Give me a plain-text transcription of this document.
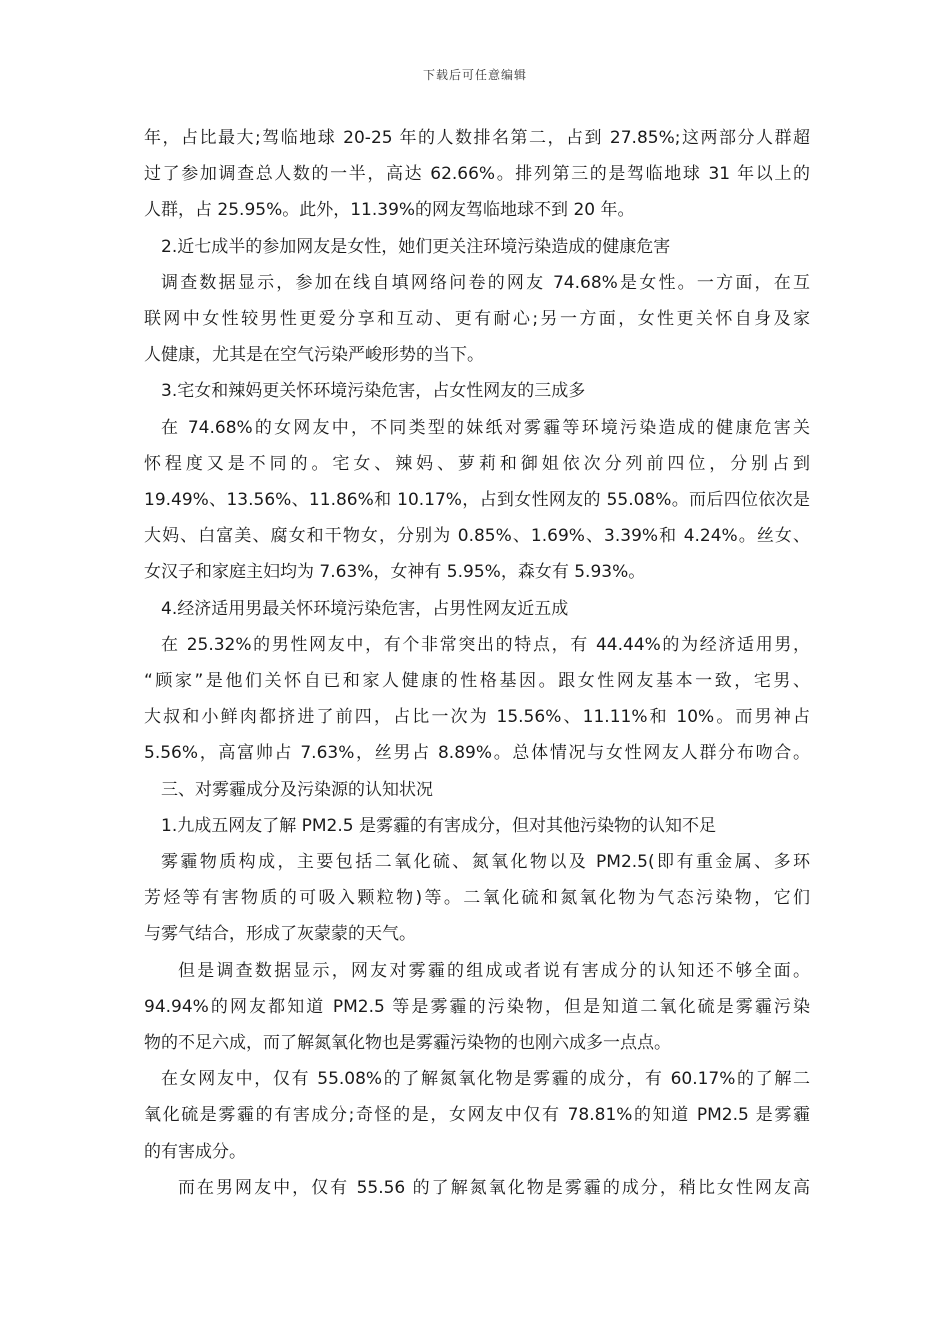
下载后可任意编辑

年，占比最大;驾临地球 20-25 年的人数排名第二，占到 27.85%;这两部分人群超

过了参加调查总人数的一半，高达 62.66%。排列第三的是驾临地球 31 年以上的

人群，占 25.95%。此外，11.39%的网友驾临地球不到 20 年。

2.近七成半的参加网友是女性，她们更关注环境污染造成的健康危害

调查数据显示，参加在线自填网络问卷的网友 74.68%是女性。一方面，在互

联网中女性较男性更爱分享和互动、更有耐心;另一方面，女性更关怀自身及家

人健康，尤其是在空气污染严峻形势的当下。

3.宅女和辣妈更关怀环境污染危害，占女性网友的三成多

在 74.68%的女网友中，不同类型的妹纸对雾霾等环境污染造成的健康危害关

怀程度又是不同的。宅女、辣妈、萝莉和御姐依次分列前四位，分别占到

19.49%、13.56%、11.86%和 10.17%，占到女性网友的 55.08%。而后四位依次是

大妈、白富美、腐女和干物女，分别为 0.85%、1.69%、3.39%和 4.24%。丝女、

女汉子和家庭主妇均为 7.63%，女神有 5.95%，森女有 5.93%。

4.经济适用男最关怀环境污染危害，占男性网友近五成

在 25.32%的男性网友中，有个非常突出的特点，有 44.44%的为经济适用男，

“顾家”是他们关怀自已和家人健康的性格基因。跟女性网友基本一致，宅男、

大叔和小鲜肉都挤进了前四，占比一次为 15.56%、11.11%和 10%。而男神占

5.56%，高富帅占 7.63%，丝男占 8.89%。总体情况与女性网友人群分布吻合。

三、对雾霾成分及污染源的认知状况

1.九成五网友了解 PM2.5 是雾霾的有害成分，但对其他污染物的认知不足

雾霾物质构成，主要包括二氧化硫、氮氧化物以及 PM2.5(即有重金属、多环

芳烃等有害物质的可吸入颗粒物)等。二氧化硫和氮氧化物为气态污染物，它们

与雾气结合，形成了灰蒙蒙的天气。

但是调查数据显示，网友对雾霾的组成或者说有害成分的认知还不够全面。

94.94%的网友都知道 PM2.5 等是雾霾的污染物，但是知道二氧化硫是雾霾污染

物的不足六成，而了解氮氧化物也是雾霾污染物的也刚六成多一点点。

在女网友中，仅有 55.08%的了解氮氧化物是雾霾的成分，有 60.17%的了解二

氧化硫是雾霾的有害成分;奇怪的是，女网友中仅有 78.81%的知道 PM2.5 是雾霾

的有害成分。

而在男网友中，仅有 55.56 的了解氮氧化物是雾霾的成分，稍比女性网友高
